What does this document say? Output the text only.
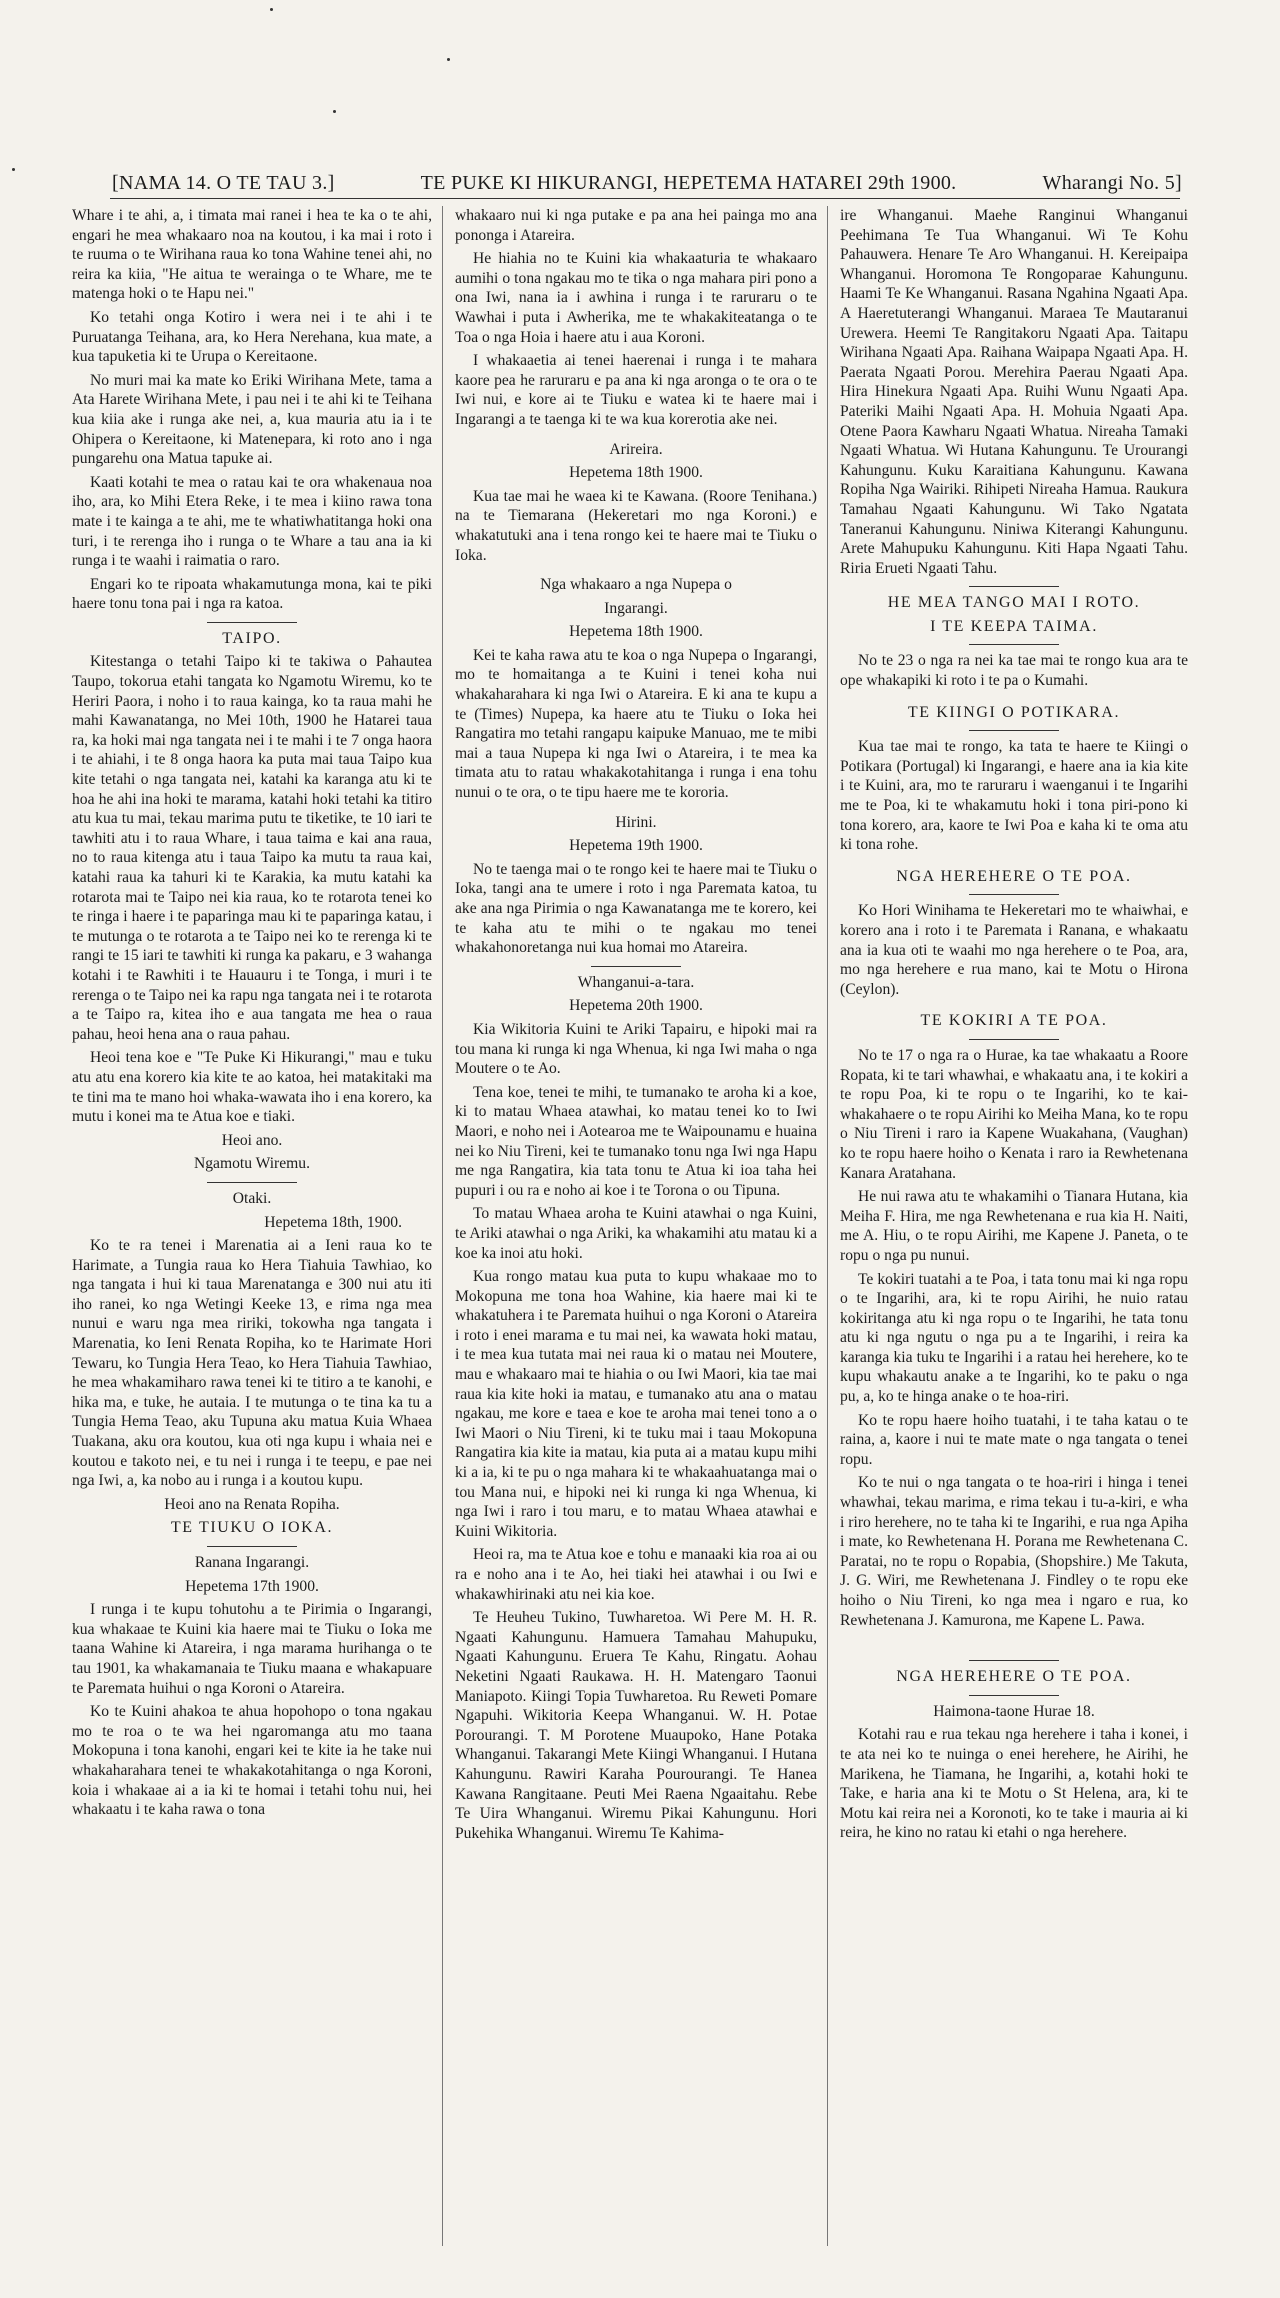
[NAMA 14. O TE TAU 3.]	TE PUKE KI HIKURANGI, HEPETEMA HATAREI 29th 1900.	Wharangi No. 5]

Whare i te ahi, a, i timata mai ranei i hea te ka o te ahi, engari he mea whakaaro noa na koutou, i ka mai i roto i te ruuma o te Wirihana raua ko tona Wahine tenei ahi, no reira ka kiia, "He aitua te werainga o te Whare, me te matenga hoki o te Hapu nei."

Ko tetahi onga Kotiro i wera nei i te ahi i te Puruatanga Teihana, ara, ko Hera Nerehana, kua mate, a kua tapuketia ki te Urupa o Kereitaone.

No muri mai ka mate ko Eriki Wirihana Mete, tama a Ata Harete Wirihana Mete, i pau nei i te ahi ki te Teihana kua kiia ake i runga ake nei, a, kua mauria atu ia i te Ohipera o Kereitaone, ki Matenepara, ki roto ano i nga pungarehu ona Matua tapuke ai.

Kaati kotahi te mea o ratau kai te ora whakenaua noa iho, ara, ko Mihi Etera Reke, i te mea i kiino rawa tona mate i te kainga a te ahi, me te whatiwhatitanga hoki ona turi, i te rerenga iho i runga o te Whare a tau ana ia ki runga i te waahi i raimatia o raro.

Engari ko te ripoata whakamutunga mona, kai te piki haere tonu tona pai i nga ra katoa.

TAIPO.

Kitestanga o tetahi Taipo ki te takiwa o Pahautea Taupo, tokorua etahi tangata ko Ngamotu Wiremu, ko te Heriri Paora, i noho i to raua kainga, ko ta raua mahi he mahi Kawanatanga, no Mei 10th, 1900 he Hatarei taua ra, ka hoki mai nga tangata nei i te mahi i te 7 onga haora i te ahiahi, i te 8 onga haora ka puta mai taua Taipo kua kite tetahi o nga tangata nei, katahi ka karanga atu ki te hoa he ahi ina hoki te marama, katahi hoki tetahi ka titiro atu kua tu mai, tekau marima putu te tiketike, te 10 iari te tawhiti atu i to raua Whare, i taua taima e kai ana raua, no to raua kitenga atu i taua Taipo ka mutu ta raua kai, katahi raua ka tahuri ki te Karakia, ka mutu katahi ka rotarota mai te Taipo nei kia raua, ko te rotarota tenei ko te ringa i haere i te paparinga mau ki te paparinga katau, i te mutunga o te rotarota a te Taipo nei ko te rerenga ki te rangi te 15 iari te tawhiti ki runga ka pakaru, e 3 wahanga kotahi i te Rawhiti i te Hauauru i te Tonga, i muri i te rerenga o te Taipo nei ka rapu nga tangata nei i te rotarota a te Taipo ra, kitea iho e aua tangata me hea o raua pahau, heoi hena ana o raua pahau.

Heoi tena koe e "Te Puke Ki Hikurangi," mau e tuku atu atu ena korero kia kite te ao katoa, hei matakitaki ma te tini ma te mano hoi whaka-wawata iho i ena korero, ka mutu i konei ma te Atua koe e tiaki.

Heoi ano.

Ngamotu Wiremu.

Otaki.

Hepetema 18th, 1900.

Ko te ra tenei i Marenatia ai a Ieni raua ko te Harimate, a Tungia raua ko Hera Tiahuia Tawhiao, ko nga tangata i hui ki taua Marenatanga e 300 nui atu iti iho ranei, ko nga Wetingi Keeke 13, e rima nga mea nunui e waru nga mea ririki, tokowha nga tangata i Marenatia, ko Ieni Renata Ropiha, ko te Harimate Hori Tewaru, ko Tungia Hera Teao, ko Hera Tiahuia Tawhiao, he mea whakamiharo rawa tenei ki te titiro a te kanohi, e hika ma, e tuke, he autaia. I te mutunga o te tina ka tu a Tungia Hema Teao, aku Tupuna aku matua Kuia Whaea Tuakana, aku ora koutou, kua oti nga kupu i whaia nei e koutou e takoto nei, e tu nei i runga i te teepu, e pae nei nga Iwi, a, ka nobo au i runga i a koutou kupu.

Heoi ano na Renata Ropiha.

TE TIUKU O IOKA.

Ranana Ingarangi.

Hepetema 17th 1900.

I runga i te kupu tohutohu a te Pirimia o Ingarangi, kua whakaae te Kuini kia haere mai te Tiuku o Ioka me taana Wahine ki Atareira, i nga marama hurihanga o te tau 1901, ka whakamanaia te Tiuku maana e whakapuare te Paremata huihui o nga Koroni o Atareira.

Ko te Kuini ahakoa te ahua hopohopo o tona ngakau mo te roa o te wa hei ngaromanga atu mo taana Mokopuna i tona kanohi, engari kei te kite ia he take nui whakaharahara tenei te whakakotahitanga o nga Koroni, koia i whakaae ai a ia ki te homai i tetahi tohu nui, hei whakaatu i te kaha rawa o tona

whakaaro nui ki nga putake e pa ana hei painga mo ana pononga i Atareira.

He hiahia no te Kuini kia whakaaturia te whakaaro aumihi o tona ngakau mo te tika o nga mahara piri pono a ona Iwi, nana ia i awhina i runga i te raruraru o te Wawhai i puta i Awherika, me te whakakiteatanga o te Toa o nga Hoia i haere atu i aua Koroni.

I whakaaetia ai tenei haerenai i runga i te mahara kaore pea he raruraru e pa ana ki nga aronga o te ora o te Iwi nui, e kore ai te Tiuku e watea ki te haere mai i Ingarangi a te taenga ki te wa kua korerotia ake nei.

Arireira.

Hepetema 18th 1900.

Kua tae mai he waea ki te Kawana. (Roore Tenihana.) na te Tiemarana (Hekeretari mo nga Koroni.) e whakatutuki ana i tena rongo kei te haere mai te Tiuku o Ioka.

Nga whakaaro a nga Nupepa o

Ingarangi.

Hepetema 18th 1900.

Kei te kaha rawa atu te koa o nga Nupepa o Ingarangi, mo te homaitanga a te Kuini i tenei koha nui whakaharahara ki nga Iwi o Atareira. E ki ana te kupu a te (Times) Nupepa, ka haere atu te Tiuku o Ioka hei Rangatira mo tetahi rangapu kaipuke Manuao, me te mibi mai a taua Nupepa ki nga Iwi o Atareira, i te mea ka timata atu to ratau whakakotahitanga i runga i ena tohu nunui o te ora, o te tipu haere me te kororia.

Hirini.

Hepetema 19th 1900.

No te taenga mai o te rongo kei te haere mai te Tiuku o Ioka, tangi ana te umere i roto i nga Paremata katoa, tu ake ana nga Pirimia o nga Kawanatanga me te korero, kei te kaha atu te mihi o te ngakau mo tenei whakahonoretanga nui kua homai mo Atareira.

Whanganui-a-tara.

Hepetema 20th 1900.

Kia Wikitoria Kuini te Ariki Tapairu, e hipoki mai ra tou mana ki runga ki nga Whenua, ki nga Iwi maha o nga Moutere o te Ao.

Tena koe, tenei te mihi, te tumanako te aroha ki a koe, ki to matau Whaea atawhai, ko matau tenei ko to Iwi Maori, e noho nei i Aotearoa me te Waipounamu e huaina nei ko Niu Tireni, kei te tumanako tonu nga Iwi nga Hapu me nga Rangatira, kia tata tonu te Atua ki ioa taha hei pupuri i ou ra e noho ai koe i te Torona o ou Tipuna.

To matau Whaea aroha te Kuini atawhai o nga Kuini, te Ariki atawhai o nga Ariki, ka whakamihi atu matau ki a koe ka inoi atu hoki.

Kua rongo matau kua puta to kupu whakaae mo to Mokopuna me tona hoa Wahine, kia haere mai ki te whakatuhera i te Paremata huihui o nga Koroni o Atareira i roto i enei marama e tu mai nei, ka wawata hoki matau, i te mea kua tutata mai nei raua ki o matau nei Moutere, mau e whakaaro mai te hiahia o ou Iwi Maori, kia tae mai raua kia kite hoki ia matau, e tumanako atu ana o matau ngakau, me kore e taea e koe te aroha mai tenei tono a o Iwi Maori o Niu Tireni, ki te tuku mai i taau Mokopuna Rangatira kia kite ia matau, kia puta ai a matau kupu mihi ki a ia, ki te pu o nga mahara ki te whakaahuatanga mai o tou Mana nui, e hipoki nei ki runga ki nga Whenua, ki nga Iwi i raro i tou maru, e to matau Whaea atawhai e Kuini Wikitoria.

Heoi ra, ma te Atua koe e tohu e manaaki kia roa ai ou ra e noho ana i te Ao, hei tiaki hei atawhai i ou Iwi e whakawhirinaki atu nei kia koe.

Te Heuheu Tukino, Tuwharetoa. Wi Pere M. H. R. Ngaati Kahungunu. Hamuera Tamahau Mahupuku, Ngaati Kahungunu. Eruera Te Kahu, Ringatu. Aohau Neketini Ngaati Raukawa. H. H. Matengaro Taonui Maniapoto. Kiingi Topia Tuwharetoa. Ru Reweti Pomare Ngapuhi. Wikitoria Keepa Whanganui. W. H. Potae Porourangi. T. M Porotene Muaupoko, Hane Potaka Whanganui. Takarangi Mete Kiingi Whanganui. I Hutana Kahungunu. Rawiri Karaha Pourourangi. Te Hanea Kawana Rangitaane. Peuti Mei Raena Ngaaitahu. Rebe Te Uira Whanganui. Wiremu Pikai Kahungunu. Hori Pukehika Whanganui. Wiremu Te Kahima-

ire Whanganui. Maehe Ranginui Whanganui Peehimana Te Tua Whanganui. Wi Te Kohu Pahauwera. Henare Te Aro Whanganui. H. Kereipaipa Whanganui. Horomona Te Rongoparae Kahungunu. Haami Te Ke Whanganui. Rasana Ngahina Ngaati Apa. A Haeretuterangi Whanganui. Maraea Te Mautaranui Urewera. Heemi Te Rangitakoru Ngaati Apa. Taitapu Wirihana Ngaati Apa. Raihana Waipapa Ngaati Apa. H. Paerata Ngaati Porou. Merehira Paerau Ngaati Apa. Hira Hinekura Ngaati Apa. Ruihi Wunu Ngaati Apa. Pateriki Maihi Ngaati Apa. H. Mohuia Ngaati Apa. Otene Paora Kawharu Ngaati Whatua. Nireaha Tamaki Ngaati Whatua. Wi Hutana Kahungunu. Te Urourangi Kahungunu. Kuku Karaitiana Kahungunu. Kawana Ropiha Nga Wairiki. Rihipeti Nireaha Hamua. Raukura Tamahau Ngaati Kahungunu. Wi Tako Ngatata Taneranui Kahungunu. Niniwa Kiterangi Kahungunu. Arete Mahupuku Kahungunu. Kiti Hapa Ngaati Tahu. Riria Erueti Ngaati Tahu.

HE MEA TANGO MAI I ROTO.
I TE KEEPA TAIMA.

No te 23 o nga ra nei ka tae mai te rongo kua ara te ope whakapiki ki roto i te pa o Kumahi.

TE KIINGI O POTIKARA.

Kua tae mai te rongo, ka tata te haere te Kiingi o Potikara (Portugal) ki Ingarangi, e haere ana ia kia kite i te Kuini, ara, mo te raruraru i waenganui i te Ingarihi me te Poa, ki te whakamutu hoki i tona piri-pono ki tona korero, ara, kaore te Iwi Poa e kaha ki te oma atu ki tona rohe.

NGA HEREHERE O TE POA.

Ko Hori Winihama te Hekeretari mo te whaiwhai, e korero ana i roto i te Paremata i Ranana, e whakaatu ana ia kua oti te waahi mo nga herehere o te Poa, ara, mo nga herehere e rua mano, kai te Motu o Hirona (Ceylon).

TE KOKIRI A TE POA.

No te 17 o nga ra o Hurae, ka tae whakaatu a Roore Ropata, ki te tari whawhai, e whakaatu ana, i te kokiri a te ropu Poa, ki te ropu o te Ingarihi, ko te kai- whakahaere o te ropu Airihi ko Meiha Mana, ko te ropu o Niu Tireni i raro ia Kapene Wuakahana, (Vaughan) ko te ropu haere hoiho o Kenata i raro ia Rewhetenana Kanara Aratahana.

He nui rawa atu te whakamihi o Tianara Hutana, kia Meiha F. Hira, me nga Rewhetenana e rua kia H. Naiti, me A. Hiu, o te ropu Airihi, me Kapene J. Paneta, o te ropu o nga pu nunui.

Te kokiri tuatahi a te Poa, i tata tonu mai ki nga ropu o te Ingarihi, ara, ki te ropu Airihi, he nuio ratau kokiritanga atu ki nga ropu o te Ingarihi, he tata tonu atu ki nga ngutu o nga pu a te Ingarihi, i reira ka karanga kia tuku te Ingarihi i a ratau hei herehere, ko te kupu whakautu anake a te Ingarihi, ko te paku o nga pu, a, ko te hinga anake o te hoa-riri.

Ko te ropu haere hoiho tuatahi, i te taha katau o te raina, a, kaore i nui te mate mate o nga tangata o tenei ropu.

Ko te nui o nga tangata o te hoa-riri i hinga i tenei whawhai, tekau marima, e rima tekau i tu-a-kiri, e wha i riro herehere, no te taha ki te Ingarihi, e rua nga Apiha i mate, ko Rewhetenana H. Porana me Rewhetenana C. Paratai, no te ropu o Ropabia, (Shopshire.) Me Takuta, J. G. Wiri, me Rewhetenana J. Findley o te ropu eke hoiho o Niu Tireni, ko nga mea i ngaro e rua, ko Rewhetenana J. Kamurona, me Kapene L. Pawa.

NGA HEREHERE O TE POA.

Haimona-taone Hurae 18.

Kotahi rau e rua tekau nga herehere i taha i konei, i te ata nei ko te nuinga o enei herehere, he Airihi, he Marikena, he Tiamana, he Ingarihi, a, kotahi hoki te Take, e haria ana ki te Motu o St Helena, ara, ki te Motu kai reira nei a Koronoti, ko te take i mauria ai ki reira, he kino no ratau ki etahi o nga herehere.
